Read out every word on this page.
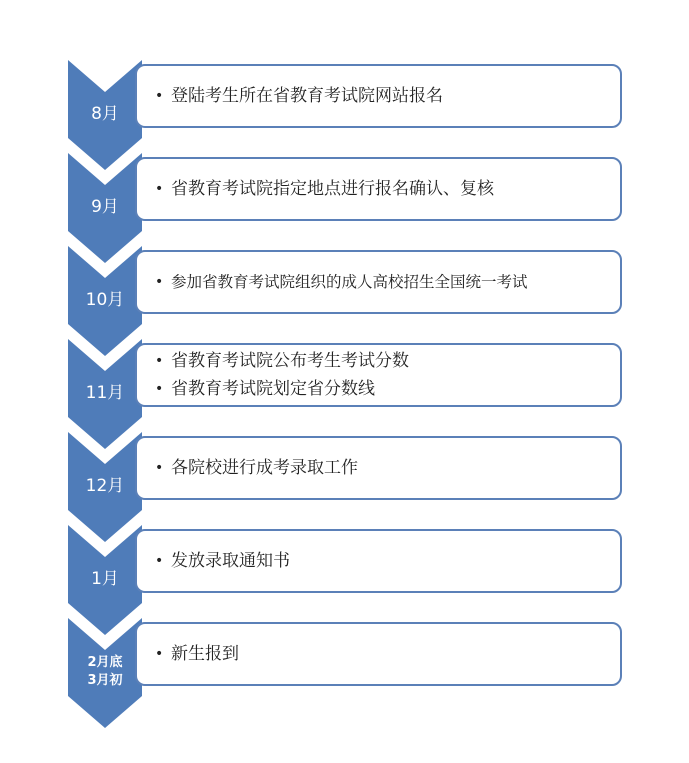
8月
• 登陆考生所在省教育考试院网站报名
9月
• 省教育考试院指定地点进行报名确认、复核
10月
• 参加省教育考试院组织的成人高校招生全国统一考试
11月
• 省教育考试院公布考生考试分数
• 省教育考试院划定省分数线
12月
• 各院校进行成考录取工作
1月
• 发放录取通知书
2月底
3月初
• 新生报到
